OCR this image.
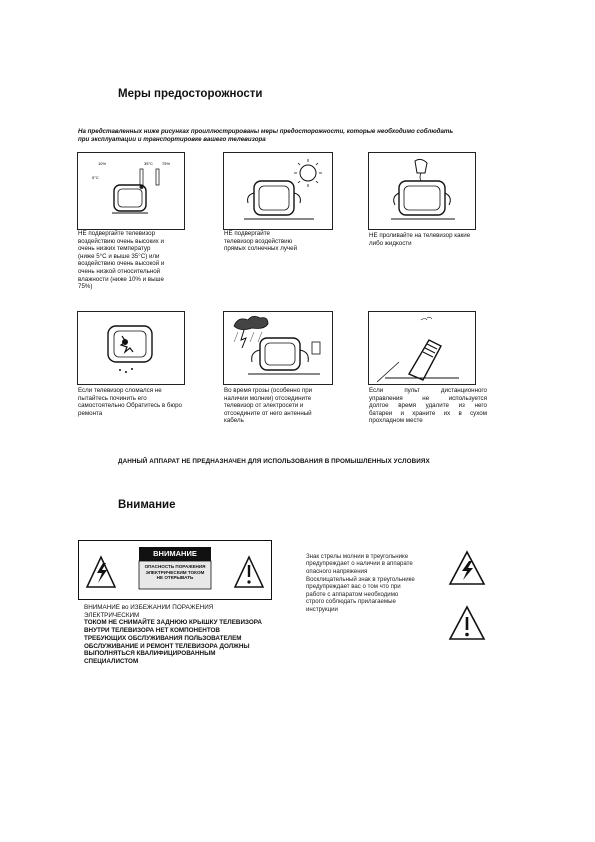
Меры предосторожности
На представленных ниже рисунках проиллюстрированы меры предосторожности, которые необходимо соблюдать
при эксплуатации и транспортировке вашего телевизора
10%	35°С
5°С
75%
НЕ подвергайте телевизор
воздействию очень высоких и
очень низких температур
(ниже 5°С и выше 35°С) или
воздействию очень высокой и
очень низкой относительной
влажности (ниже 10% и выше
75%)
НЕ подвергайте
телевизор воздействию
прямых солнечных лучей
НЕ проливайте на телевизор какие
либо жидкости
Если телевизор сломался не
пытайтесь починить его
самостоятельно Обратитесь в бюро
ремонта
Во время грозы (особенно при
наличии молнии) отсоедините
телевизор от электросети и
отсоедините от него антенный
кабель
Если пульт дистанционного
управления не используется
долгое время удалите из него
батареи и храните их в сухом
прохладном месте
ДАННЫЙ АППАРАТ НЕ ПРЕДНАЗНАЧЕН ДЛЯ ИСПОЛЬЗОВАНИЯ В ПРОМЫШЛЕННЫХ УСЛОВИЯХ
Внимание
ВНИМАНИЕ
ОПАСНОСТЬ ПОРАЖЕНИЯ
ЭЛЕКТРИЧЕСКИМ ТОКОМ
НЕ ОТКРЫВАТЬ
ВНИМАНИЕ во ИЗБЕЖАНИИ ПОРАЖЕНИЯ
ЭЛЕКТРИЧЕСКИМ
ТОКОМ НЕ СНИМАЙТЕ ЗАДНЮЮ КРЫШКУ ТЕЛЕВИЗОРА
ВНУТРИ ТЕЛЕВИЗОРА НЕТ КОМПОНЕНТОВ
ТРЕБУЮЩИХ ОБСЛУЖИВАНИЯ ПОЛЬЗОВАТЕЛЕМ
ОБСЛУЖИВАНИЕ И РЕМОНТ ТЕЛЕВИЗОРА ДОЛЖНЫ
ВЫПОЛНЯТЬСЯ КВАЛИФИЦИРОВАННЫМ
СПЕЦИАЛИСТОМ
Знак стрелы молнии в треугольнике
предупреждает о наличии в аппарате
опасного напряжения
Восклицательный знак в треугольнике
предупреждает вас о том что при
работе с аппаратом необходимо
строго соблюдать прилагаемые
инструкции
